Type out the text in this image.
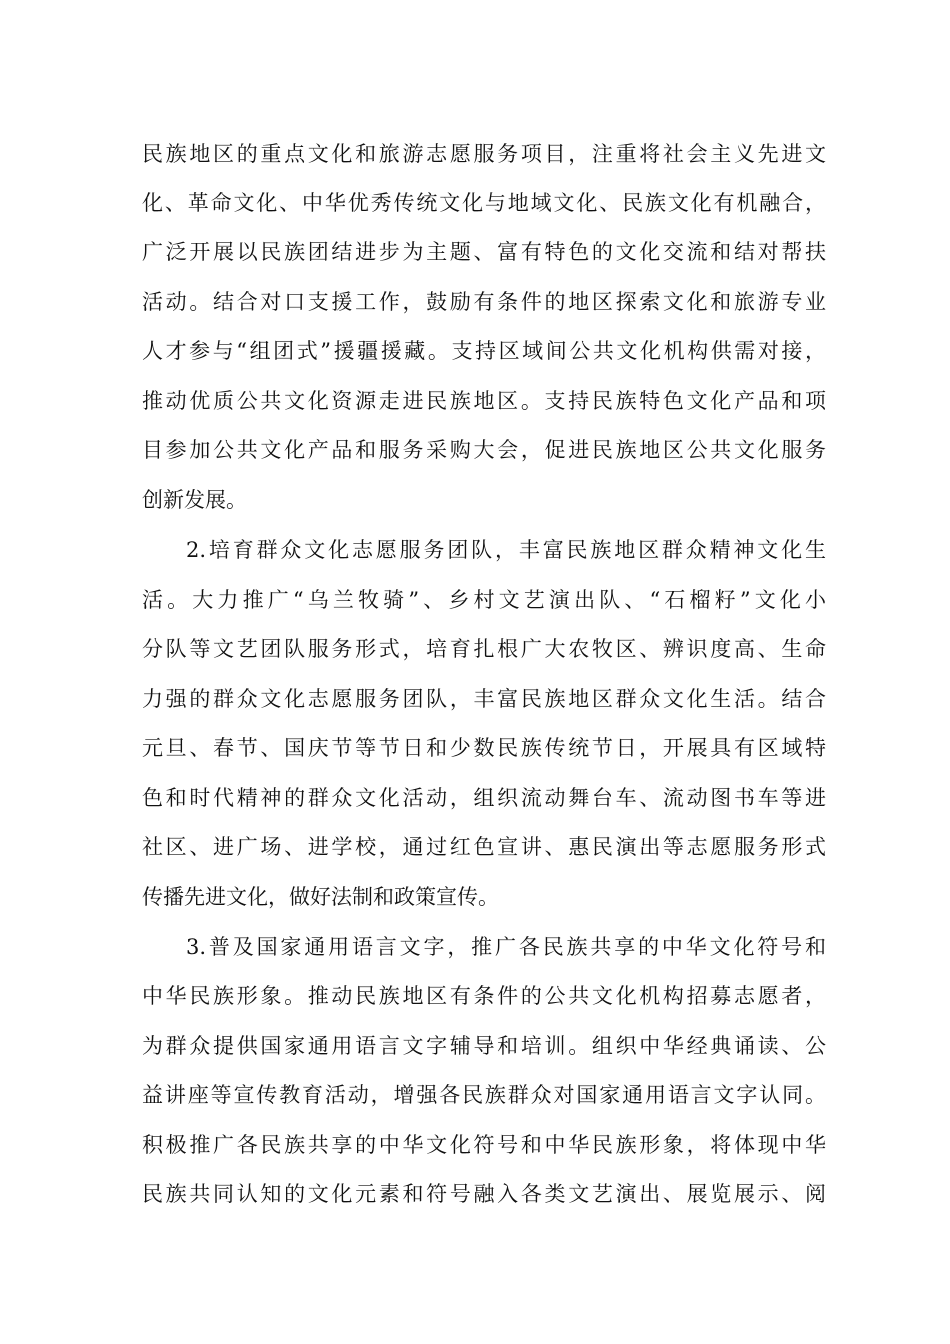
民族地区的重点文化和旅游志愿服务项目，注重将社会主义先进文

化、革命文化、中华优秀传统文化与地域文化、民族文化有机融合，

广泛开展以民族团结进步为主题、富有特色的文化交流和结对帮扶

活动。结合对口支援工作，鼓励有条件的地区探索文化和旅游专业

人才参与“组团式”援疆援藏。支持区域间公共文化机构供需对接，

推动优质公共文化资源走进民族地区。支持民族特色文化产品和项

目参加公共文化产品和服务采购大会，促进民族地区公共文化服务

创新发展。

2.培育群众文化志愿服务团队，丰富民族地区群众精神文化生

活。大力推广“乌兰牧骑”、乡村文艺演出队、“石榴籽”文化小

分队等文艺团队服务形式，培育扎根广大农牧区、辨识度高、生命

力强的群众文化志愿服务团队，丰富民族地区群众文化生活。结合

元旦、春节、国庆节等节日和少数民族传统节日，开展具有区域特

色和时代精神的群众文化活动，组织流动舞台车、流动图书车等进

社区、进广场、进学校，通过红色宣讲、惠民演出等志愿服务形式

传播先进文化，做好法制和政策宣传。

3.普及国家通用语言文字，推广各民族共享的中华文化符号和

中华民族形象。推动民族地区有条件的公共文化机构招募志愿者，

为群众提供国家通用语言文字辅导和培训。组织中华经典诵读、公

益讲座等宣传教育活动，增强各民族群众对国家通用语言文字认同。

积极推广各民族共享的中华文化符号和中华民族形象，将体现中华

民族共同认知的文化元素和符号融入各类文艺演出、展览展示、阅
